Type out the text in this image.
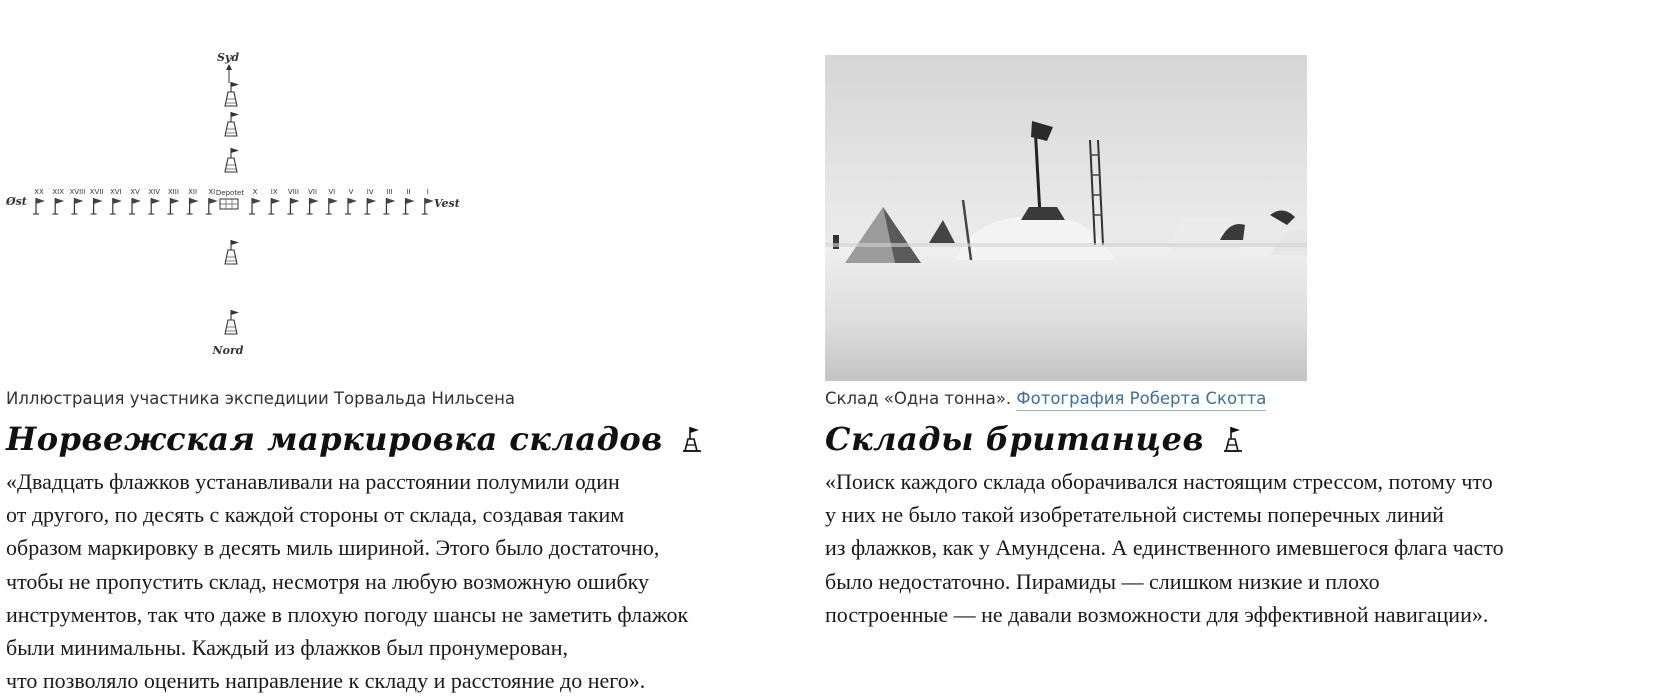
Syd
Øst	Vest
XX XIX XVIII XVII XVI XV XIV XIII XII XI Depotet X IX VIII VII VI V IV III II I
Nord
Иллюстрация участника экспедиции Торвальда Нильсена
Норвежская маркировка складов

«Двадцать флажков устанавливали на расстоянии полумили один
от другого, по десять с каждой стороны от склада, создавая таким
образом маркировку в десять миль шириной. Этого было достаточно,
чтобы не пропустить склад, несмотря на любую возможную ошибку
инструментов, так что даже в плохую погоду шансы не заметить флажок
были минимальны. Каждый из флажков был пронумерован,
что позволяло оценить направление к складу и расстояние до него».

Склад «Одна тонна». Фотография Роберта Скотта
Склады британцев

«Поиск каждого склада оборачивался настоящим стрессом, потому что
у них не было такой изобретательной системы поперечных линий
из флажков, как у Амундсена. А единственного имевшегося флага часто
было недостаточно. Пирамиды — слишком низкие и плохо
построенные — не давали возможности для эффективной навигации».
